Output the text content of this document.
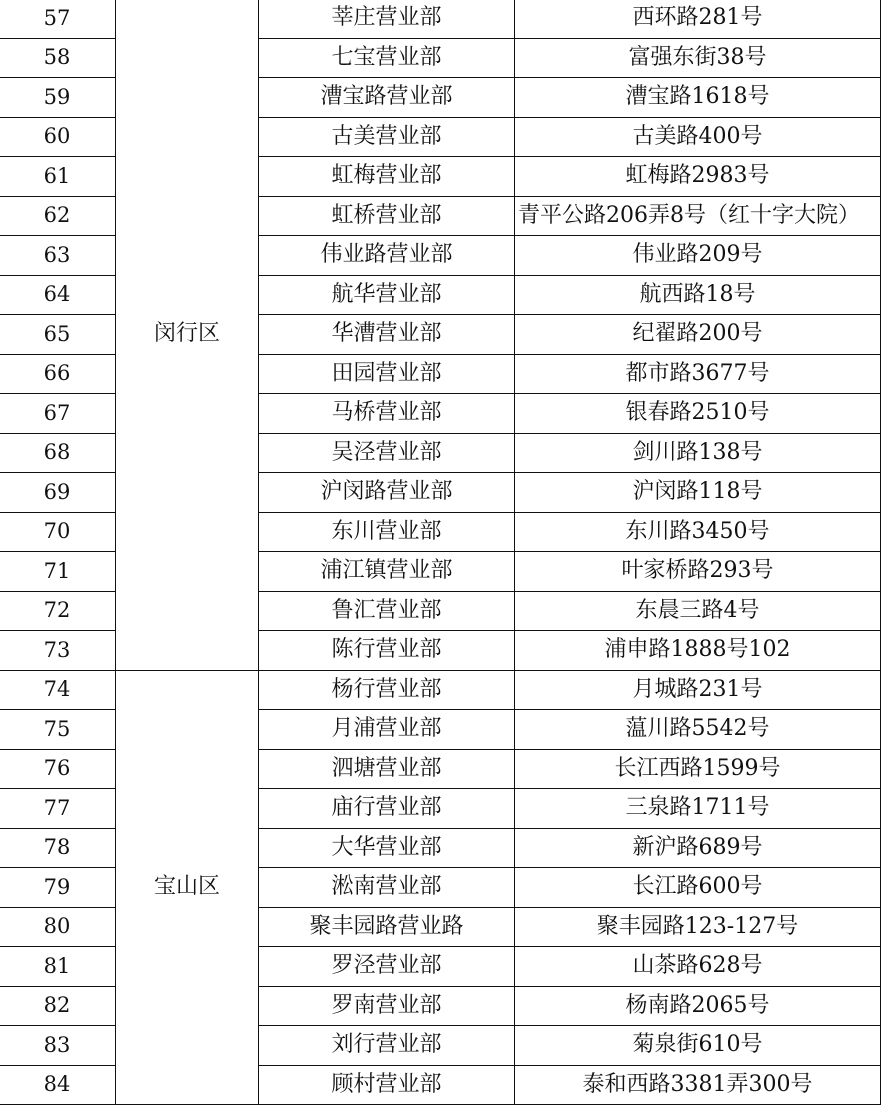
57	闵行区	莘庄营业部	西环路281号
58		七宝营业部	富强东街38号
59		漕宝路营业部	漕宝路1618号
60		古美营业部	古美路400号
61		虹梅营业部	虹梅路2983号
62		虹桥营业部	青平公路206弄8号（红十字大院）
63		伟业路营业部	伟业路209号
64		航华营业部	航西路18号
65		华漕营业部	纪翟路200号
66		田园营业部	都市路3677号
67		马桥营业部	银春路2510号
68		吴泾营业部	剑川路138号
69		沪闵路营业部	沪闵路118号
70		东川营业部	东川路3450号
71		浦江镇营业部	叶家桥路293号
72		鲁汇营业部	东晨三路4号
73		陈行营业部	浦申路1888号102
74	宝山区	杨行营业部	月城路231号
75		月浦营业部	蕰川路5542号
76		泗塘营业部	长江西路1599号
77		庙行营业部	三泉路1711号
78		大华营业部	新沪路689号
79		淞南营业部	长江路600号
80		聚丰园路营业路	聚丰园路123-127号
81		罗泾营业部	山茶路628号
82		罗南营业部	杨南路2065号
83		刘行营业部	菊泉街610号
84		顾村营业部	泰和西路3381弄300号
